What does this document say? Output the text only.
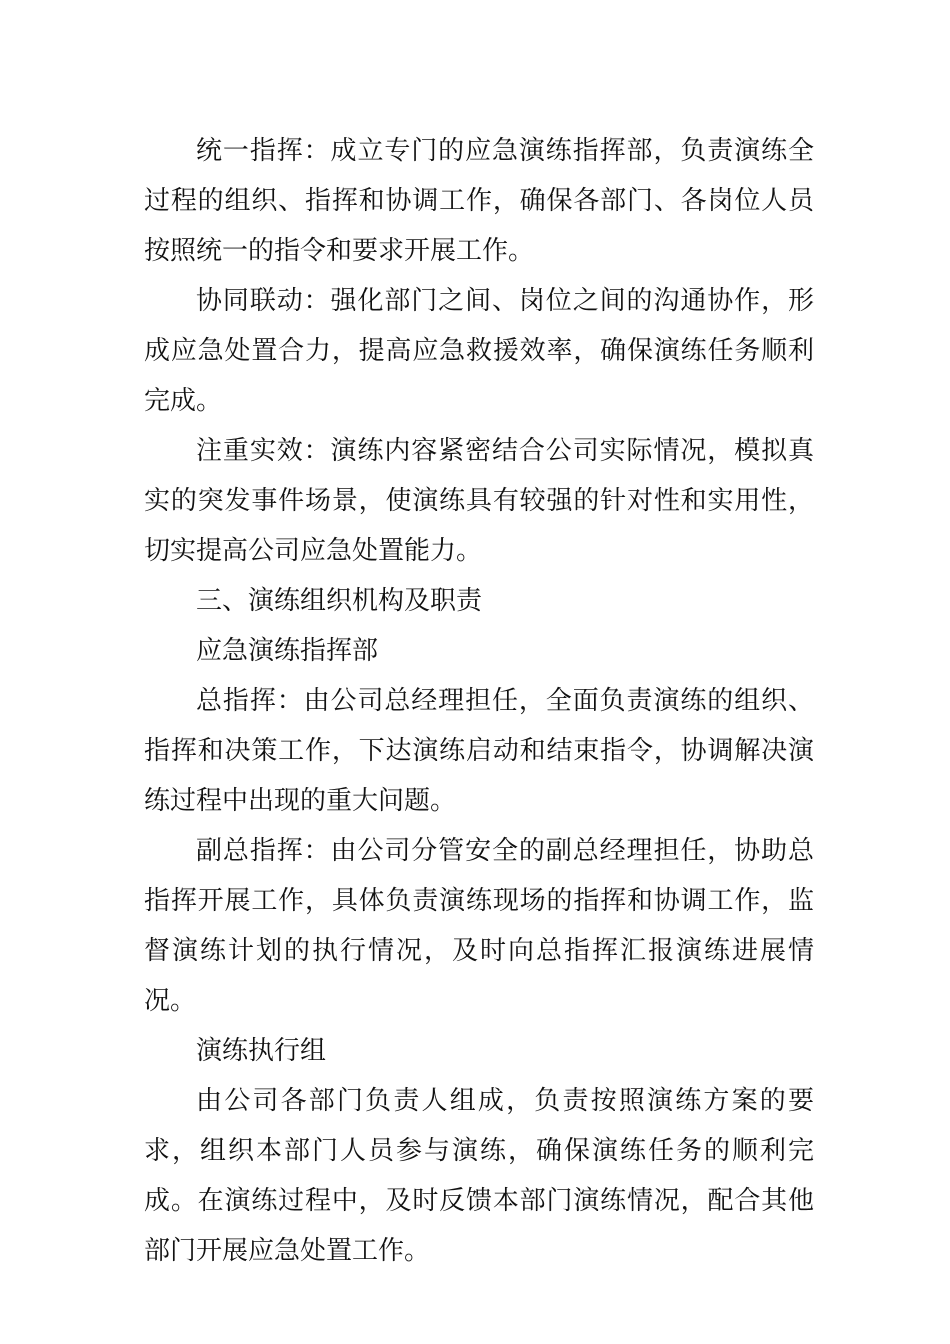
统一指挥：成立专门的应急演练指挥部，负责演练全过程的组织、指挥和协调工作，确保各部门、各岗位人员按照统一的指令和要求开展工作。

协同联动：强化部门之间、岗位之间的沟通协作，形成应急处置合力，提高应急救援效率，确保演练任务顺利完成。

注重实效：演练内容紧密结合公司实际情况，模拟真实的突发事件场景，使演练具有较强的针对性和实用性，切实提高公司应急处置能力。

三、演练组织机构及职责

应急演练指挥部

总指挥：由公司总经理担任，全面负责演练的组织、指挥和决策工作，下达演练启动和结束指令，协调解决演练过程中出现的重大问题。

副总指挥：由公司分管安全的副总经理担任，协助总指挥开展工作，具体负责演练现场的指挥和协调工作，监督演练计划的执行情况，及时向总指挥汇报演练进展情况。

演练执行组

由公司各部门负责人组成，负责按照演练方案的要求，组织本部门人员参与演练，确保演练任务的顺利完成。在演练过程中，及时反馈本部门演练情况，配合其他部门开展应急处置工作。
